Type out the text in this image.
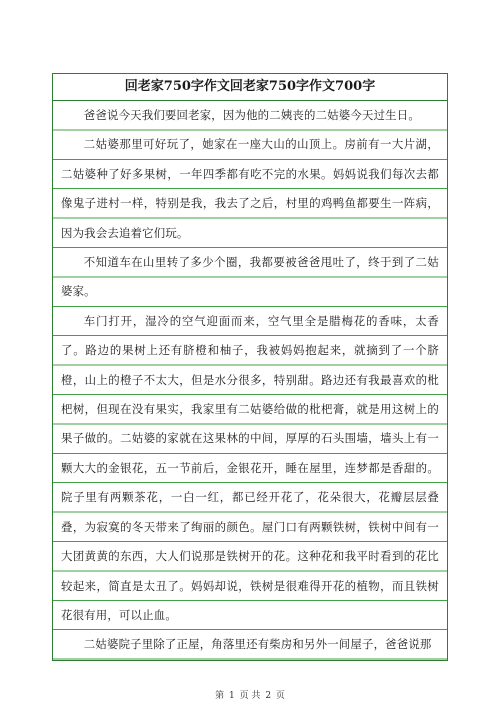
回老家750字作文回老家750字作文700字

爸爸说今天我们要回老家，因为他的二姨丧的二姑婆今天过生日。

二姑婆那里可好玩了，她家在一座大山的山顶上。房前有一大片湖，二姑婆种了好多果树，一年四季都有吃不完的水果。妈妈说我们每次去都像鬼子进村一样，特别是我，我去了之后，村里的鸡鸭鱼都要生一阵病，因为我会去追着它们玩。

不知道车在山里转了多少个圈，我都要被爸爸甩吐了，终于到了二姑婆家。

车门打开，湿冷的空气迎面而来，空气里全是腊梅花的香味，太香了。路边的果树上还有脐橙和柚子，我被妈妈抱起来，就摘到了一个脐橙，山上的橙子不太大，但是水分很多，特别甜。路边还有我最喜欢的枇杷树，但现在没有果实，我家里有二姑婆给做的枇杷膏，就是用这树上的果子做的。二姑婆的家就在这果林的中间，厚厚的石头围墙，墙头上有一颗大大的金银花，五一节前后，金银花开，睡在屋里，连梦都是香甜的。院子里有两颗茶花，一白一红，都已经开花了，花朵很大，花瓣层层叠叠，为寂寞的冬天带来了绚丽的颜色。屋门口有两颗铁树，铁树中间有一大团黄黄的东西，大人们说那是铁树开的花。这种花和我平时看到的花比较起来，简直是太丑了。妈妈却说，铁树是很难得开花的植物，而且铁树花很有用，可以止血。

二姑婆院子里除了正屋，角落里还有柴房和另外一间屋子，爸爸说那

第 1 页 共 2 页
